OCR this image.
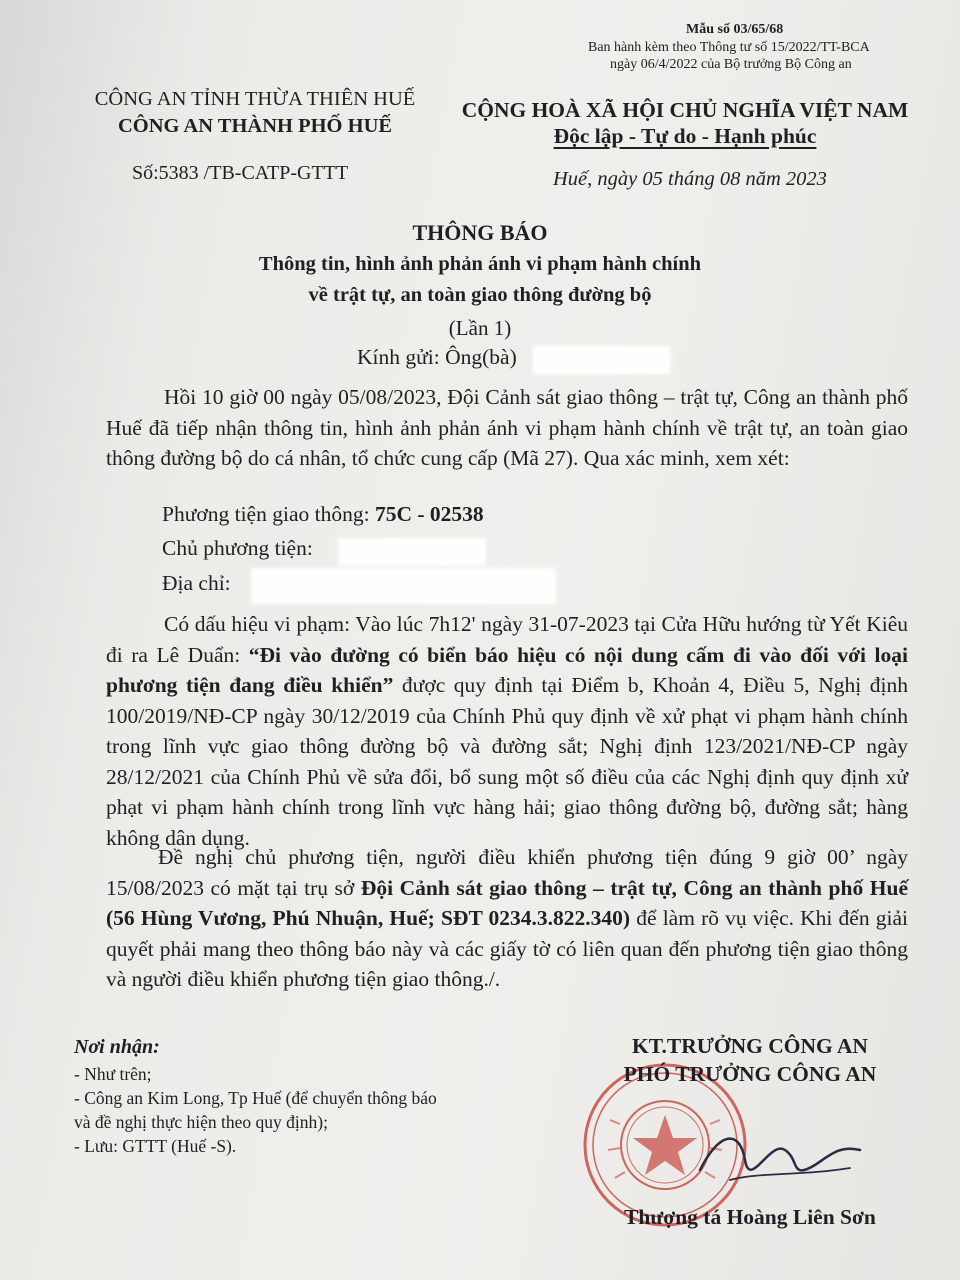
Mẫu số 03/65/68
Ban hành kèm theo Thông tư số 15/2022/TT-BCA
ngày 06/4/2022 của Bộ trưởng Bộ Công an
CÔNG AN TỈNH THỪA THIÊN HUẾ
CÔNG AN THÀNH PHỐ HUẾ
Số:5383 /TB-CATP-GTTT
CỘNG HOÀ XÃ HỘI CHỦ NGHĨA VIỆT NAM
Độc lập - Tự do - Hạnh phúc
Huế, ngày 05 tháng 08 năm 2023
THÔNG BÁO
Thông tin, hình ảnh phản ánh vi phạm hành chính
về trật tự, an toàn giao thông đường bộ
(Lần 1)
Kính gửi: Ông(bà)
Hồi 10 giờ 00 ngày 05/08/2023, Đội Cảnh sát giao thông – trật tự, Công an thành phố Huế đã tiếp nhận thông tin, hình ảnh phản ánh vi phạm hành chính về trật tự, an toàn giao thông đường bộ do cá nhân, tổ chức cung cấp (Mã 27). Qua xác minh, xem xét:
Phương tiện giao thông: 75C - 02538
Chủ phương tiện:
Địa chỉ:
Có dấu hiệu vi phạm: Vào lúc 7h12' ngày 31-07-2023 tại Cửa Hữu hướng từ Yết Kiêu đi ra Lê Duẩn: “Đi vào đường có biển báo hiệu có nội dung cấm đi vào đối với loại phương tiện đang điều khiển” được quy định tại Điểm b, Khoản 4, Điều 5, Nghị định 100/2019/NĐ-CP ngày 30/12/2019 của Chính Phủ quy định về xử phạt vi phạm hành chính trong lĩnh vực giao thông đường bộ và đường sắt; Nghị định 123/2021/NĐ-CP ngày 28/12/2021 của Chính Phủ về sửa đổi, bổ sung một số điều của các Nghị định quy định xử phạt vi phạm hành chính trong lĩnh vực hàng hải; giao thông đường bộ, đường sắt; hàng không dân dụng.
Đề nghị chủ phương tiện, người điều khiển phương tiện đúng 9 giờ 00’ ngày 15/08/2023 có mặt tại trụ sở Đội Cảnh sát giao thông – trật tự, Công an thành phố Huế (56 Hùng Vương, Phú Nhuận, Huế; SĐT 0234.3.822.340) để làm rõ vụ việc. Khi đến giải quyết phải mang theo thông báo này và các giấy tờ có liên quan đến phương tiện giao thông và người điều khiển phương tiện giao thông./.
Nơi nhận:
- Như trên;
- Công an Kim Long, Tp Huế (để chuyển thông báo
và đề nghị thực hiện theo quy định);
- Lưu: GTTT (Huế -S).
KT.TRƯỞNG CÔNG AN
PHÓ TRƯỞNG CÔNG AN
Thượng tá Hoàng Liên Sơn
